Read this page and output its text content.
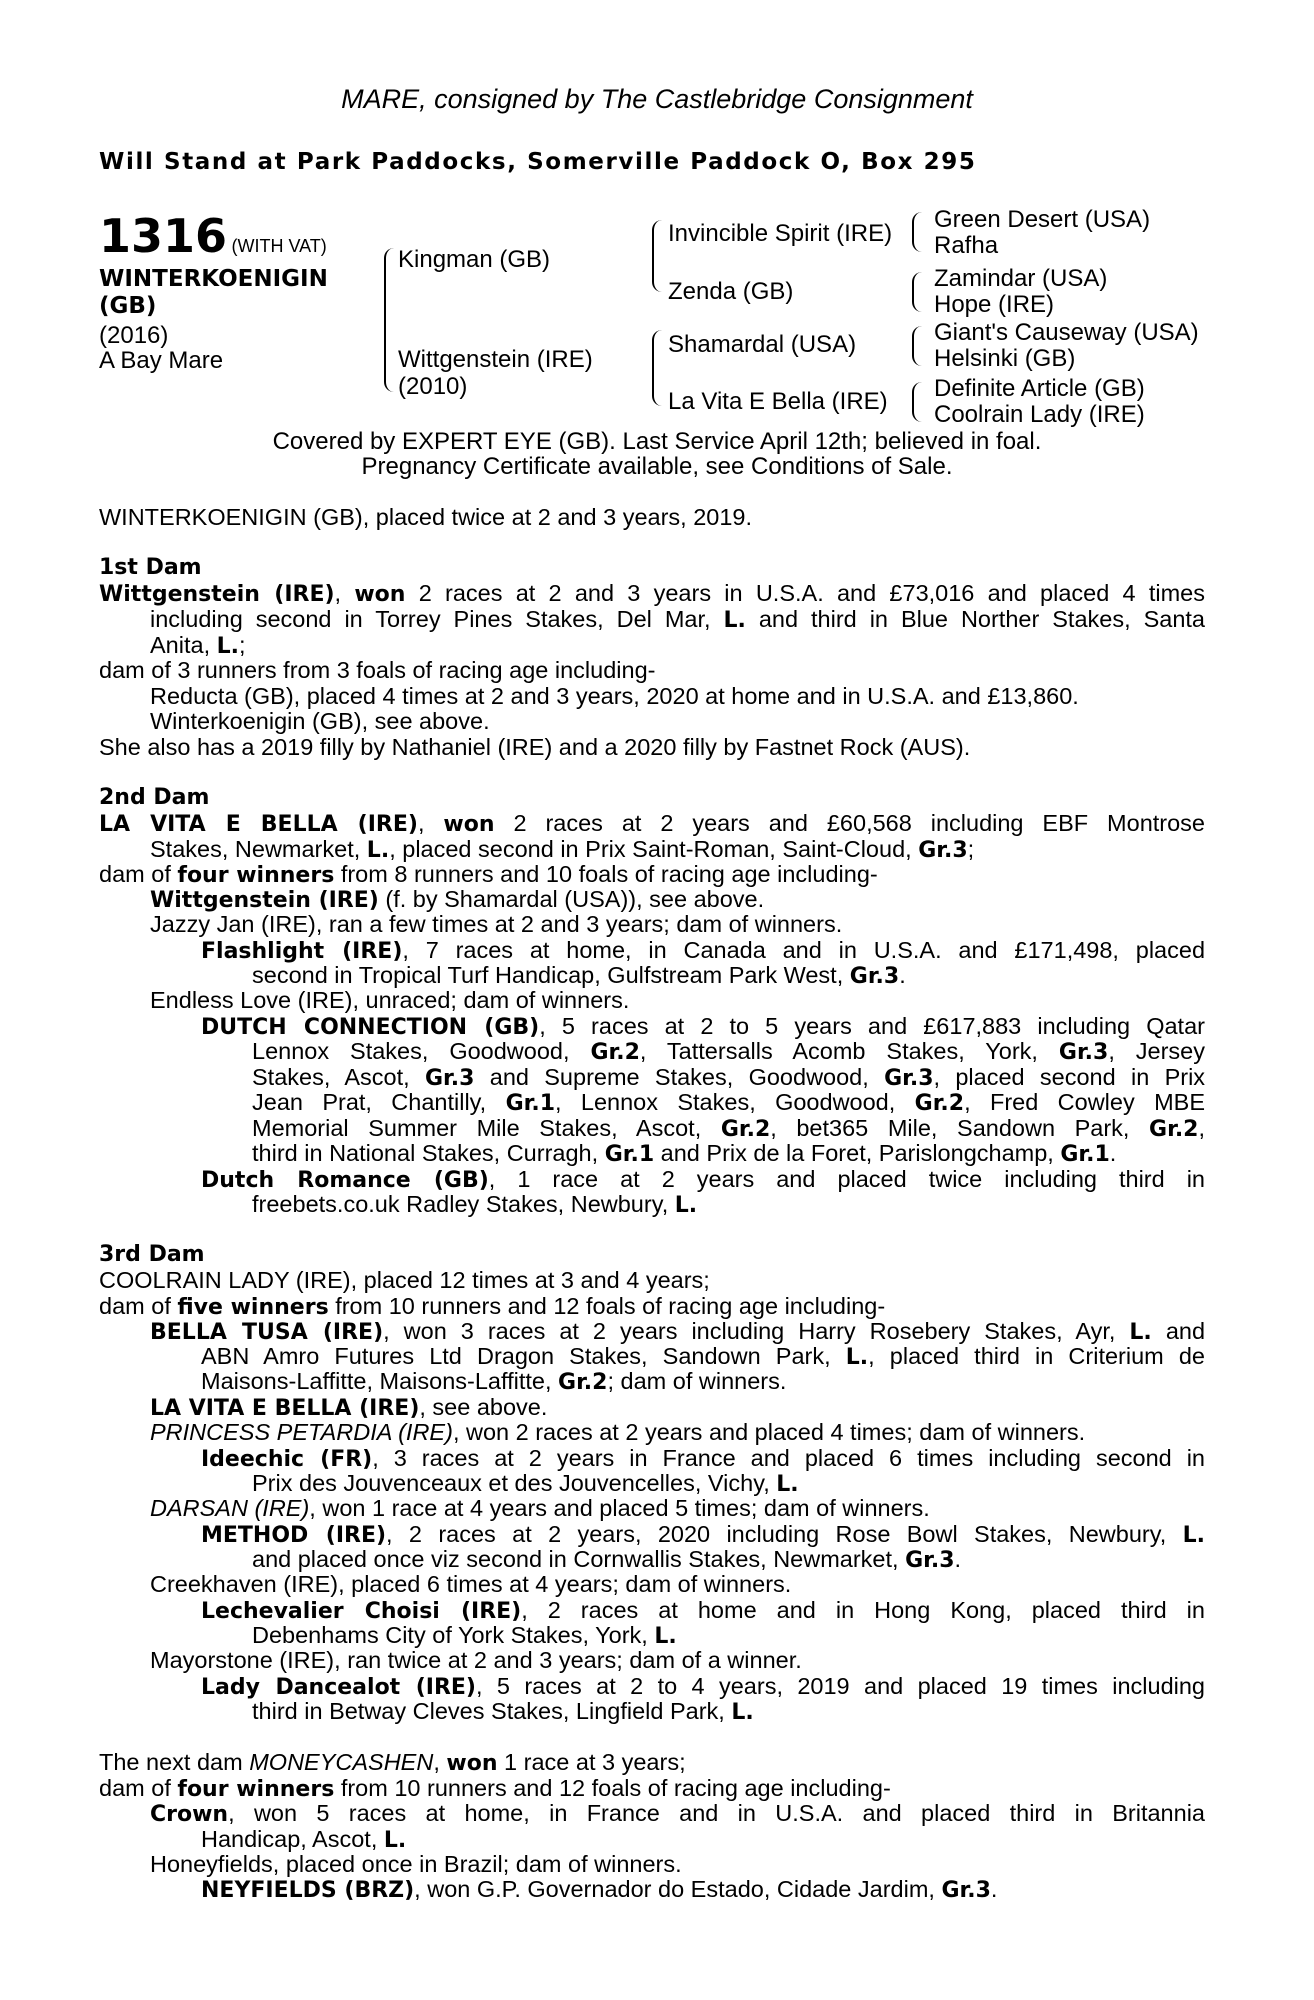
MARE, consigned by The Castlebridge Consignment
Will Stand at Park Paddocks, Somerville Paddock O, Box 295
1316 (WITH VAT)
WINTERKOENIGIN
(GB)
(2016)
A Bay Mare
Kingman (GB)
Wittgenstein (IRE)
(2010)
Invincible Spirit (IRE)
Zenda (GB)
Shamardal (USA)
La Vita E Bella (IRE)
Green Desert (USA)
Rafha
Zamindar (USA)
Hope (IRE)
Giant's Causeway (USA)
Helsinki (GB)
Definite Article (GB)
Coolrain Lady (IRE)
Covered by EXPERT EYE (GB). Last Service April 12th; believed in foal.
Pregnancy Certificate available, see Conditions of Sale.
WINTERKOENIGIN (GB), placed twice at 2 and 3 years, 2019.
1st Dam
Wittgenstein (IRE), won 2 races at 2 and 3 years in U.S.A. and £73,016 and placed 4 times
including second in Torrey Pines Stakes, Del Mar, L. and third in Blue Norther Stakes, Santa
Anita, L.;
dam of 3 runners from 3 foals of racing age including-
Reducta (GB), placed 4 times at 2 and 3 years, 2020 at home and in U.S.A. and £13,860.
Winterkoenigin (GB), see above.
She also has a 2019 filly by Nathaniel (IRE) and a 2020 filly by Fastnet Rock (AUS).
2nd Dam
LA VITA E BELLA (IRE), won 2 races at 2 years and £60,568 including EBF Montrose
Stakes, Newmarket, L., placed second in Prix Saint-Roman, Saint-Cloud, Gr.3;
dam of four winners from 8 runners and 10 foals of racing age including-
Wittgenstein (IRE) (f. by Shamardal (USA)), see above.
Jazzy Jan (IRE), ran a few times at 2 and 3 years; dam of winners.
Flashlight (IRE), 7 races at home, in Canada and in U.S.A. and £171,498, placed
second in Tropical Turf Handicap, Gulfstream Park West, Gr.3.
Endless Love (IRE), unraced; dam of winners.
DUTCH CONNECTION (GB), 5 races at 2 to 5 years and £617,883 including Qatar
Lennox Stakes, Goodwood, Gr.2, Tattersalls Acomb Stakes, York, Gr.3, Jersey
Stakes, Ascot, Gr.3 and Supreme Stakes, Goodwood, Gr.3, placed second in Prix
Jean Prat, Chantilly, Gr.1, Lennox Stakes, Goodwood, Gr.2, Fred Cowley MBE
Memorial Summer Mile Stakes, Ascot, Gr.2, bet365 Mile, Sandown Park, Gr.2,
third in National Stakes, Curragh, Gr.1 and Prix de la Foret, Parislongchamp, Gr.1.
Dutch Romance (GB), 1 race at 2 years and placed twice including third in
freebets.co.uk Radley Stakes, Newbury, L.
3rd Dam
COOLRAIN LADY (IRE), placed 12 times at 3 and 4 years;
dam of five winners from 10 runners and 12 foals of racing age including-
BELLA TUSA (IRE), won 3 races at 2 years including Harry Rosebery Stakes, Ayr, L. and
ABN Amro Futures Ltd Dragon Stakes, Sandown Park, L., placed third in Criterium de
Maisons-Laffitte, Maisons-Laffitte, Gr.2; dam of winners.
LA VITA E BELLA (IRE), see above.
PRINCESS PETARDIA (IRE), won 2 races at 2 years and placed 4 times; dam of winners.
Ideechic (FR), 3 races at 2 years in France and placed 6 times including second in
Prix des Jouvenceaux et des Jouvencelles, Vichy, L.
DARSAN (IRE), won 1 race at 4 years and placed 5 times; dam of winners.
METHOD (IRE), 2 races at 2 years, 2020 including Rose Bowl Stakes, Newbury, L.
and placed once viz second in Cornwallis Stakes, Newmarket, Gr.3.
Creekhaven (IRE), placed 6 times at 4 years; dam of winners.
Lechevalier Choisi (IRE), 2 races at home and in Hong Kong, placed third in
Debenhams City of York Stakes, York, L.
Mayorstone (IRE), ran twice at 2 and 3 years; dam of a winner.
Lady Dancealot (IRE), 5 races at 2 to 4 years, 2019 and placed 19 times including
third in Betway Cleves Stakes, Lingfield Park, L.
The next dam MONEYCASHEN, won 1 race at 3 years;
dam of four winners from 10 runners and 12 foals of racing age including-
Crown, won 5 races at home, in France and in U.S.A. and placed third in Britannia
Handicap, Ascot, L.
Honeyfields, placed once in Brazil; dam of winners.
NEYFIELDS (BRZ), won G.P. Governador do Estado, Cidade Jardim, Gr.3.
